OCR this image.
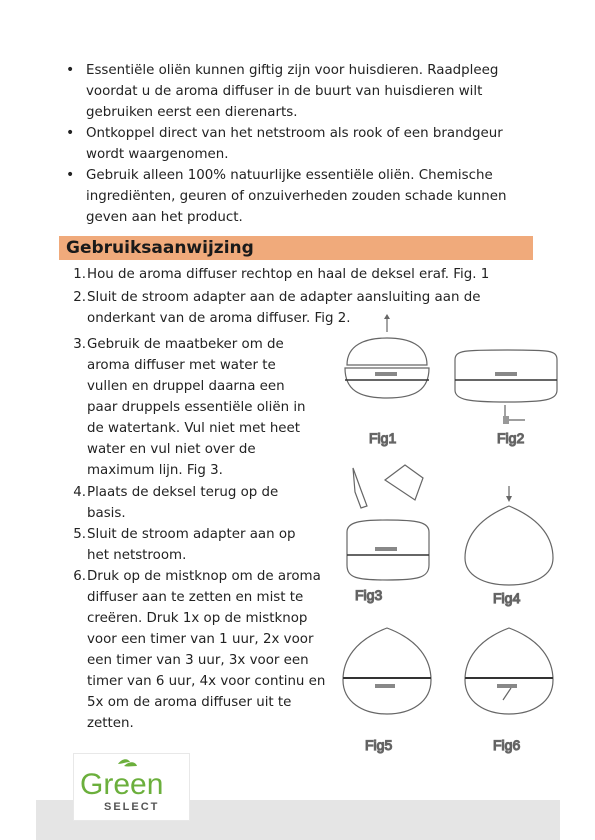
• Essentiële oliën kunnen giftig zijn voor huisdieren. Raadpleeg
voordat u de aroma diffuser in de buurt van huisdieren wilt
gebruiken eerst een dierenarts.
• Ontkoppel direct van het netstroom als rook of een brandgeur
wordt waargenomen.
• Gebruik alleen 100% natuurlijke essentiële oliën. Chemische
ingrediënten, geuren of onzuiverheden zouden schade kunnen
geven aan het product.
Gebruiksaanwijzing
1. Hou de aroma diffuser rechtop en haal de deksel eraf. Fig. 1
2. Sluit de stroom adapter aan de adapter aansluiting aan de
onderkant van de aroma diffuser. Fig 2.
3. Gebruik de maatbeker om de
aroma diffuser met water te
vullen en druppel daarna een
paar druppels essentiële oliën in
de watertank. Vul niet met heet
water en vul niet over de
maximum lijn. Fig 3.
4. Plaats de deksel terug op de
basis.
5. Sluit de stroom adapter aan op
het netstroom.
6. Druk op de mistknop om de aroma
diffuser aan te zetten en mist te
creëren. Druk 1x op de mistknop
voor een timer van 1 uur, 2x voor
een timer van 3 uur, 3x voor een
timer van 6 uur, 4x voor continu en
5x om de aroma diffuser uit te
zetten.
Fig1	Fig2
Fig3	Fig4
Fig5	Fig6
Green
SELECT
